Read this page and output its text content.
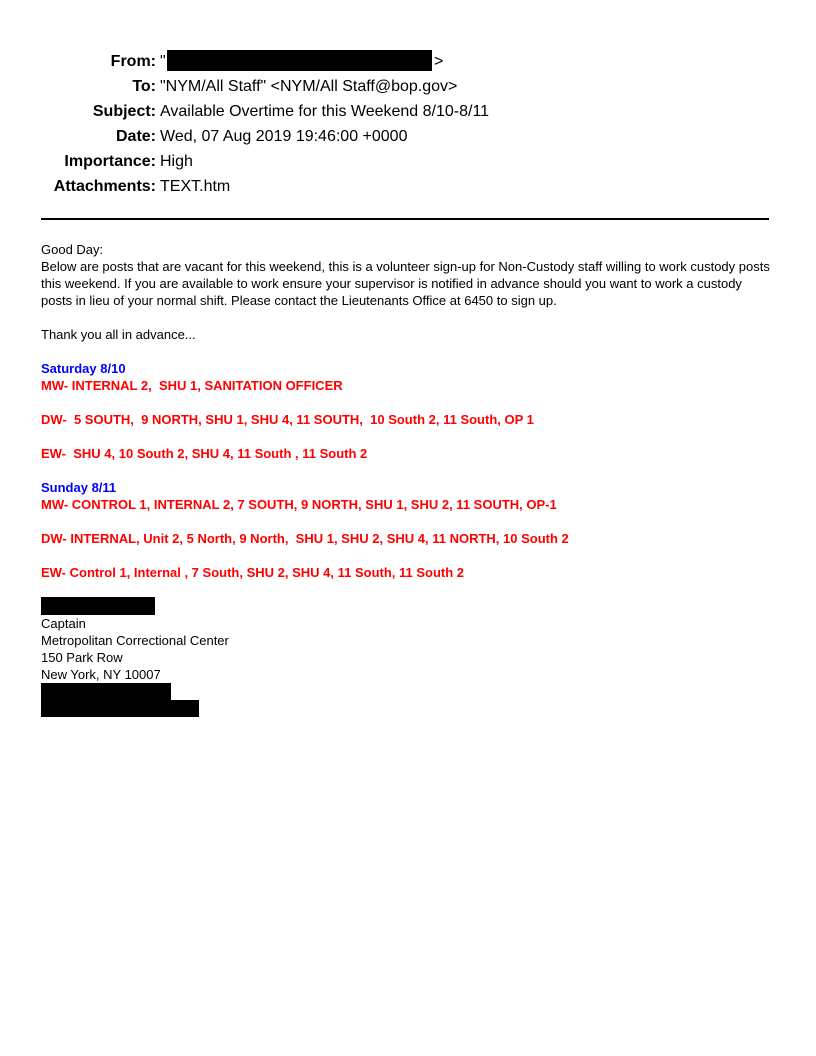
From: "	>
To: "NYM/All Staff" <NYM/All Staff@bop.gov>
Subject: Available Overtime for this Weekend 8/10-8/11
Date: Wed, 07 Aug 2019 19:46:00 +0000
Importance: High
Attachments: TEXT.htm

Good Day:

Below are posts that are vacant for this weekend, this is a volunteer sign-up for Non-Custody staff willing to work custody posts this weekend. If you are available to work ensure your supervisor is notified in advance should you want to work a custody posts in lieu of your normal shift. Please contact the Lieutenants Office at 6450 to sign up.

Thank you all in advance...

Saturday 8/10

MW- INTERNAL 2,  SHU 1, SANITATION OFFICER

DW-  5 SOUTH,  9 NORTH, SHU 1, SHU 4, 11 SOUTH,  10 South 2, 11 South, OP 1

EW-  SHU 4, 10 South 2, SHU 4, 11 South , 11 South 2

Sunday 8/11

MW- CONTROL 1, INTERNAL 2, 7 SOUTH, 9 NORTH, SHU 1, SHU 2, 11 SOUTH, OP-1

DW- INTERNAL, Unit 2, 5 North, 9 North,  SHU 1, SHU 2, SHU 4, 11 NORTH, 10 South 2

EW- Control 1, Internal , 7 South, SHU 2, SHU 4, 11 South, 11 South 2

Captain
Metropolitan Correctional Center
150 Park Row
New York, NY 10007
